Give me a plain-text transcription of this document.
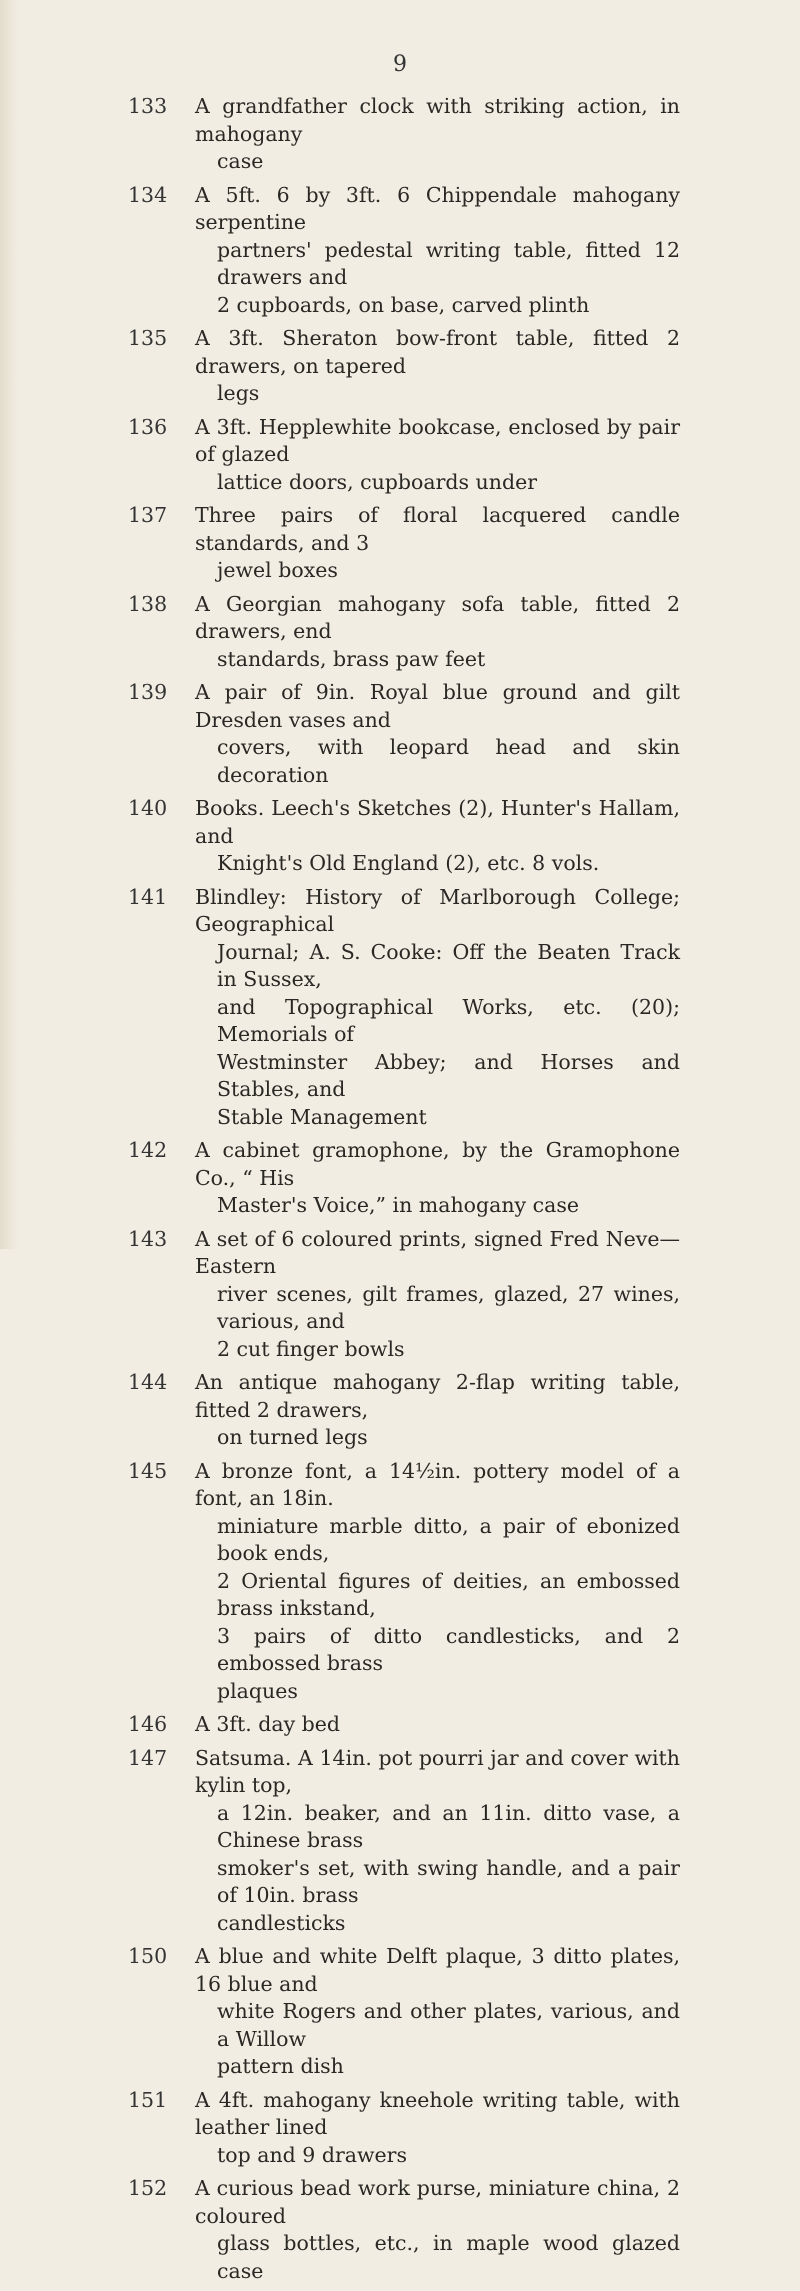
9
133	A grandfather clock with striking action, in mahogany
case
134	A 5ft. 6 by 3ft. 6 Chippendale mahogany serpentine
partners' pedestal writing table, fitted 12 drawers and
2 cupboards, on base, carved plinth
135	A 3ft. Sheraton bow-front table, fitted 2 drawers, on tapered
legs
136	A 3ft. Hepplewhite bookcase, enclosed by pair of glazed
lattice doors, cupboards under
137	Three pairs of floral lacquered candle standards, and 3
jewel boxes
138	A Georgian mahogany sofa table, fitted 2 drawers, end
standards, brass paw feet
139	A pair of 9in. Royal blue ground and gilt Dresden vases and
covers, with leopard head and skin decoration
140	Books. Leech's Sketches (2), Hunter's Hallam, and
Knight's Old England (2), etc. 8 vols.
141	Blindley: History of Marlborough College; Geographical
Journal; A. S. Cooke: Off the Beaten Track in Sussex,
and Topographical Works, etc. (20); Memorials of
Westminster Abbey; and Horses and Stables, and
Stable Management
142	A cabinet gramophone, by the Gramophone Co., “ His
Master's Voice,” in mahogany case
143	A set of 6 coloured prints, signed Fred Neve—Eastern
river scenes, gilt frames, glazed, 27 wines, various, and
2 cut finger bowls
144	An antique mahogany 2-flap writing table, fitted 2 drawers,
on turned legs
145	A bronze font, a 14½in. pottery model of a font, an 18in.
miniature marble ditto, a pair of ebonized book ends,
2 Oriental figures of deities, an embossed brass inkstand,
3 pairs of ditto candlesticks, and 2 embossed brass
plaques
146	A 3ft. day bed
147	Satsuma. A 14in. pot pourri jar and cover with kylin top,
a 12in. beaker, and an 11in. ditto vase, a Chinese brass
smoker's set, with swing handle, and a pair of 10in. brass
candlesticks
150	A blue and white Delft plaque, 3 ditto plates, 16 blue and
white Rogers and other plates, various, and a Willow
pattern dish
151	A 4ft. mahogany kneehole writing table, with leather lined
top and 9 drawers
152	A curious bead work purse, miniature china, 2 coloured
glass bottles, etc., in maple wood glazed case
